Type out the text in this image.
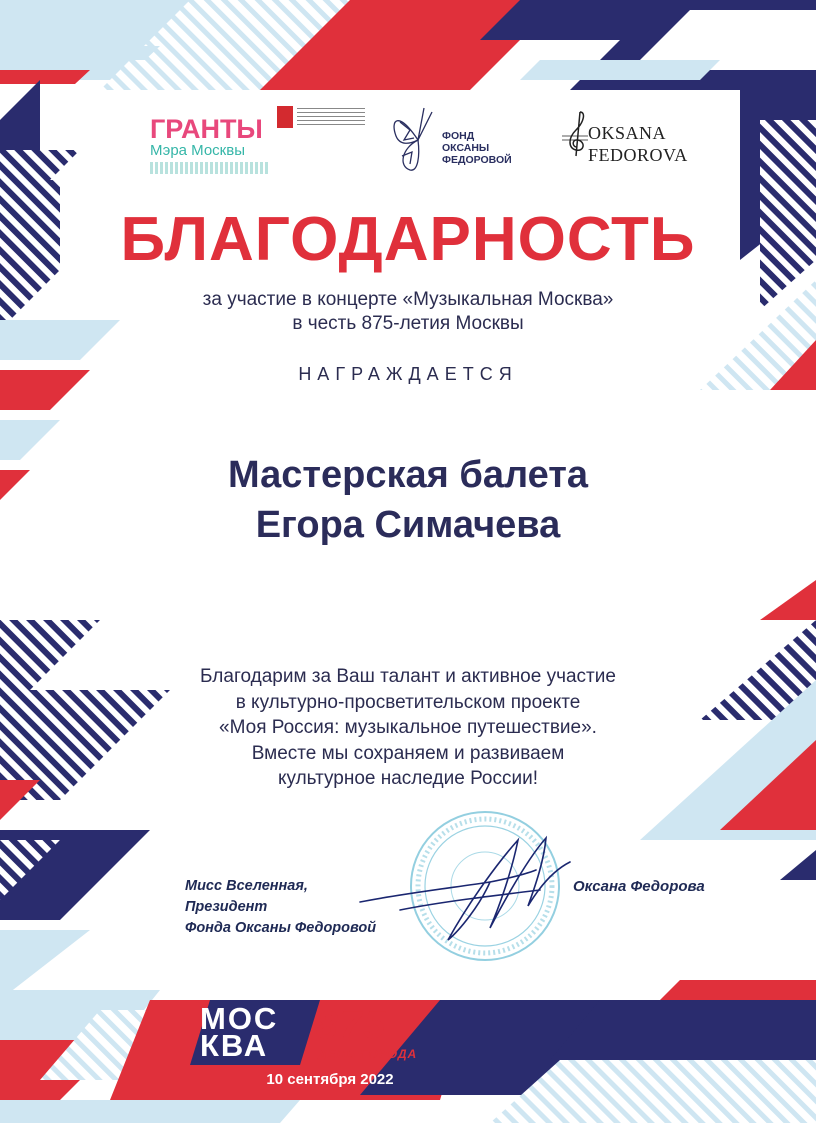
ГРАНТЫ
Мэра Москвы
ФОНД
ОКСАНЫ
ФЕДОРОВОЙ
OKSANA
FEDOROVA
БЛАГОДАРНОСТЬ
за участие в концерте «Музыкальная Москва»
в честь 875-летия Москвы
НАГРАЖДАЕТСЯ
Мастерская балета
Егора Симачева
Благодарим за Ваш талант и активное участие
в культурно-просветительском проекте
«Моя Россия: музыкальное путешествие».
Вместе мы сохраняем и развиваем
культурное наследие России!
Мисс Вселенная,
Президент
Фонда Оксаны Федоровой
Оксана Федорова
МОС
КВА	875
ДЕНЬ ГОРОДА
10 сентября 2022
